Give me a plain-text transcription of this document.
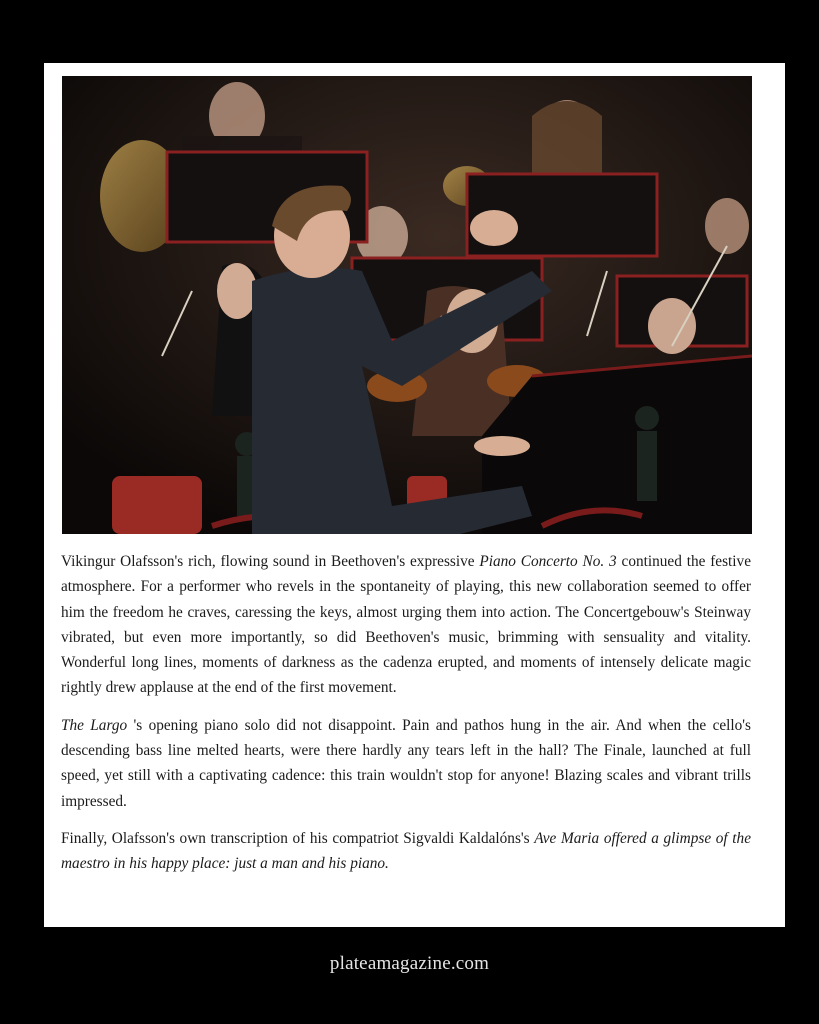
Vikingur Olafsson's rich, flowing sound in Beethoven's expressive Piano Concerto No. 3 continued the festive atmosphere. For a performer who revels in the spontaneity of playing, this new collaboration seemed to offer him the freedom he craves, caressing the keys, almost urging them into action. The Concertgebouw's Steinway vibrated, but even more importantly, so did Beethoven's music, brimming with sensuality and vitality. Wonderful long lines, moments of darkness as the cadenza erupted, and moments of intensely delicate magic rightly drew applause at the end of the first movement.

The Largo 's opening piano solo did not disappoint. Pain and pathos hung in the air. And when the cello's descending bass line melted hearts, were there hardly any tears left in the hall? The Finale, launched at full speed, yet still with a captivating cadence: this train wouldn't stop for anyone! Blazing scales and vibrant trills impressed.

Finally, Olafsson's own transcription of his compatriot Sigvaldi Kaldalóns's Ave Maria offered a glimpse of the maestro in his happy place: just a man and his piano.

plateamagazine.com
